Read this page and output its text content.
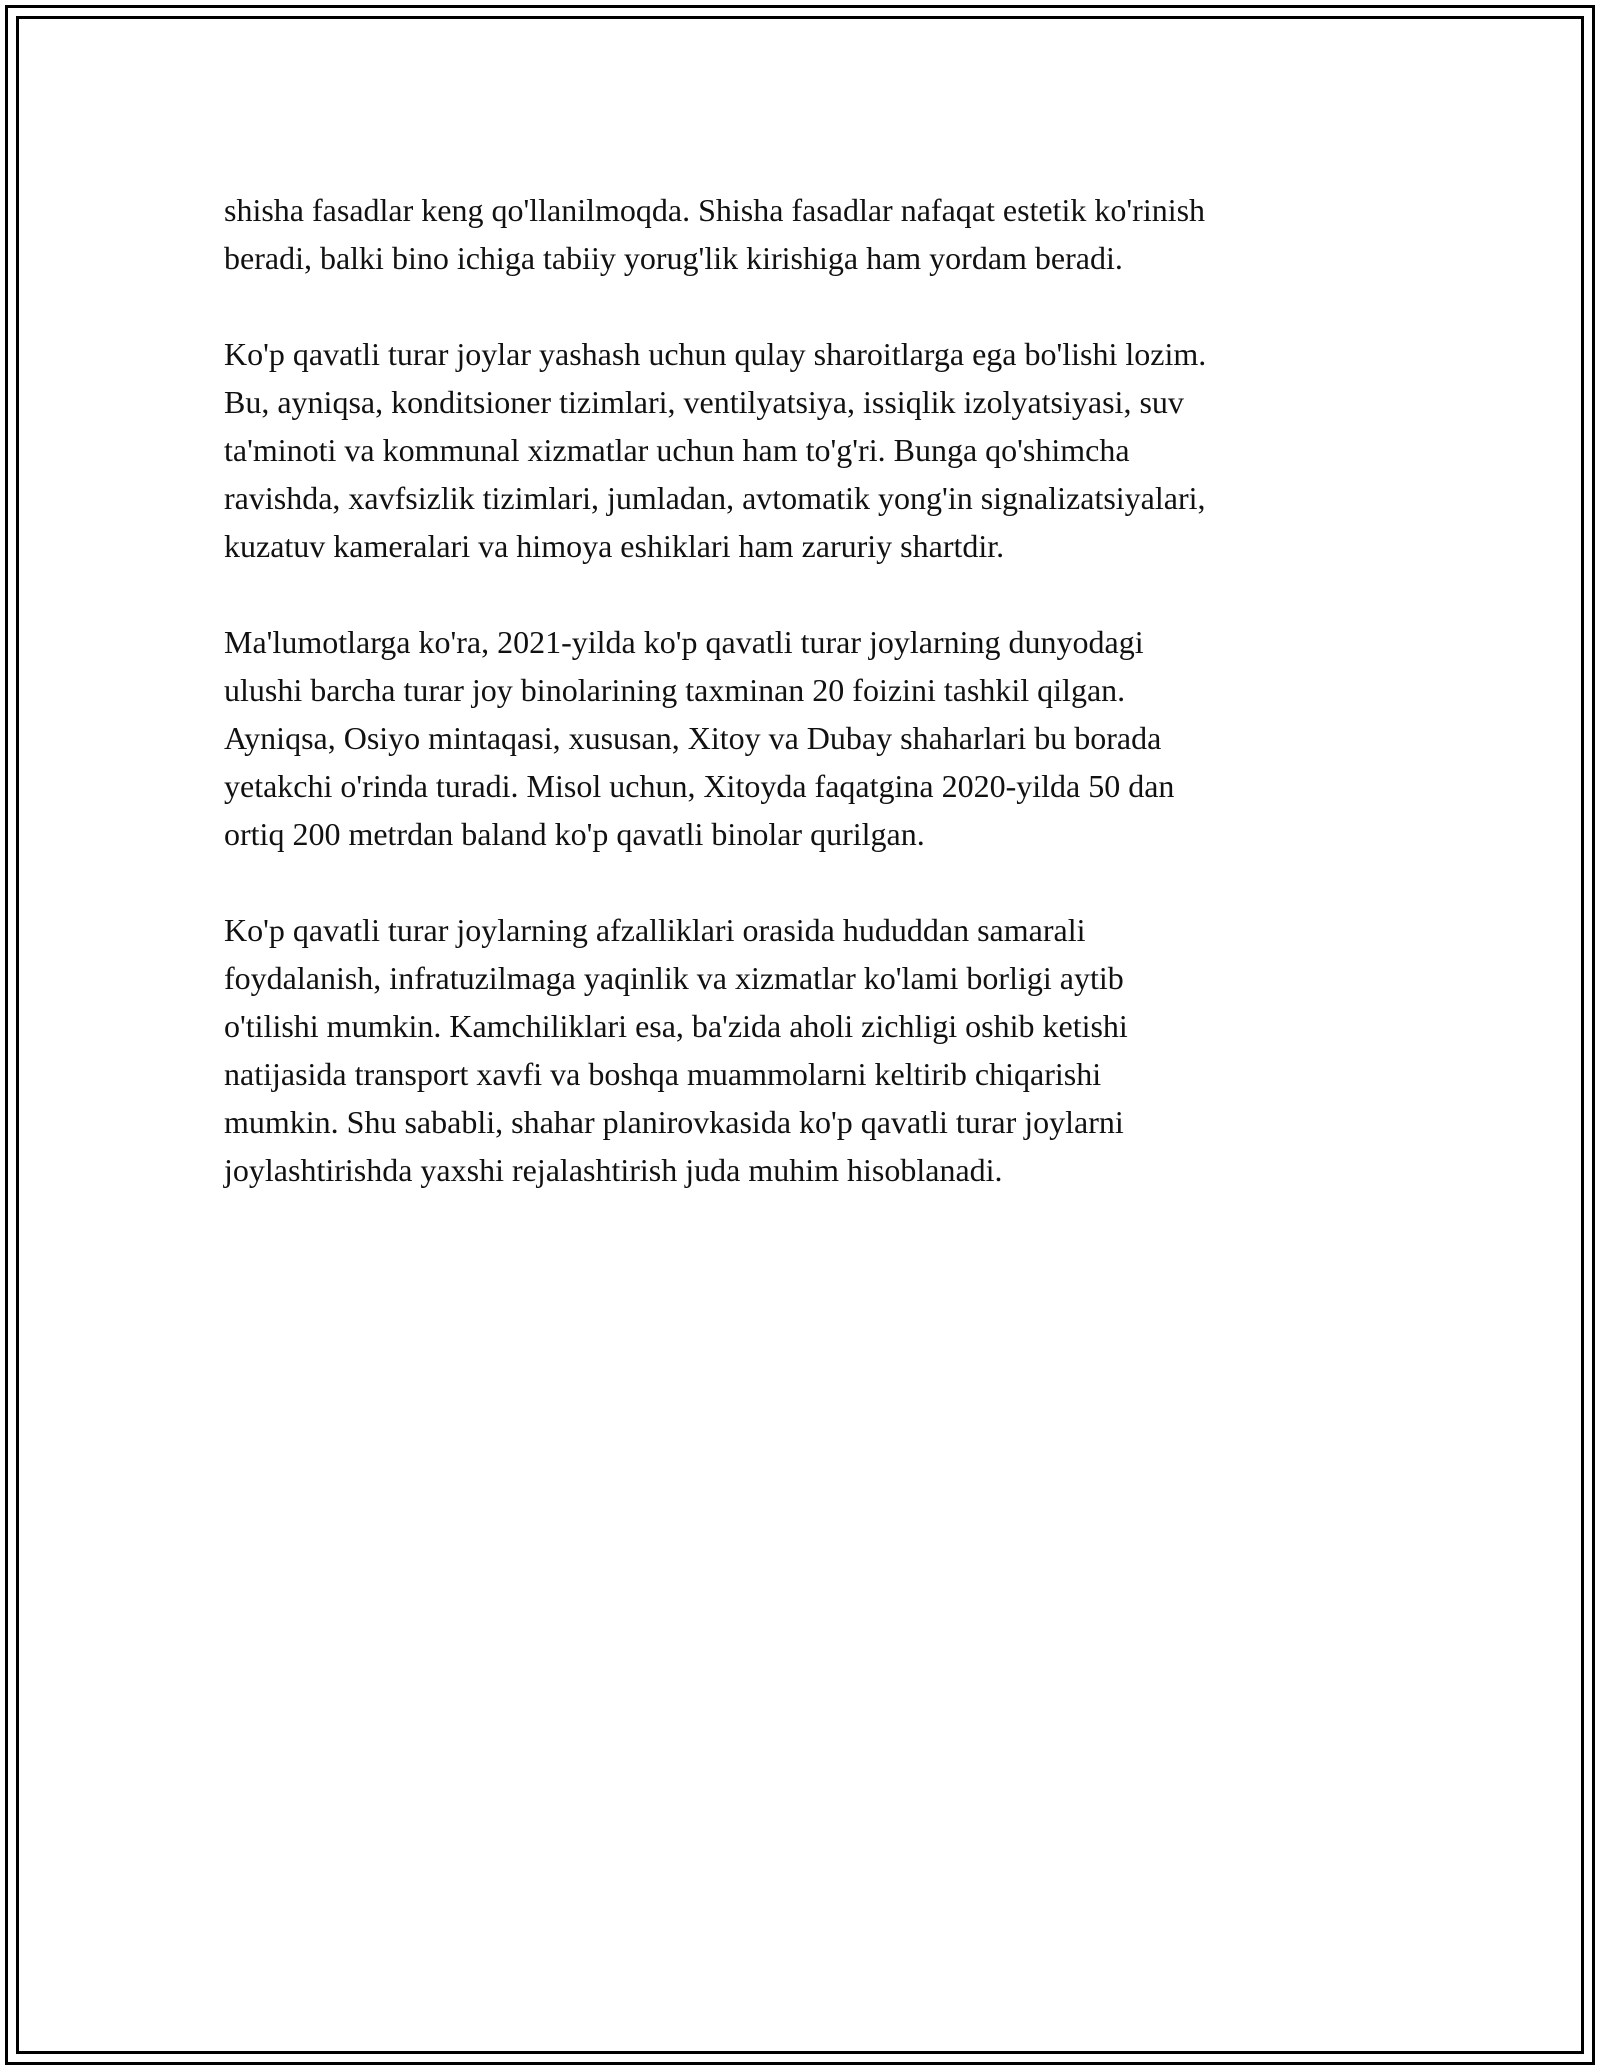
shisha fasadlar keng qo'llanilmoqda. Shisha fasadlar nafaqat estetik ko'rinish
beradi, balki bino ichiga tabiiy yorug'lik kirishiga ham yordam beradi.

Ko'p qavatli turar joylar yashash uchun qulay sharoitlarga ega bo'lishi lozim.
Bu, ayniqsa, konditsioner tizimlari, ventilyatsiya, issiqlik izolyatsiyasi, suv
ta'minoti va kommunal xizmatlar uchun ham to'g'ri. Bunga qo'shimcha
ravishda, xavfsizlik tizimlari, jumladan, avtomatik yong'in signalizatsiyalari,
kuzatuv kameralari va himoya eshiklari ham zaruriy shartdir.

Ma'lumotlarga ko'ra, 2021-yilda ko'p qavatli turar joylarning dunyodagi
ulushi barcha turar joy binolarining taxminan 20 foizini tashkil qilgan.
Ayniqsa, Osiyo mintaqasi, xususan, Xitoy va Dubay shaharlari bu borada
yetakchi o'rinda turadi. Misol uchun, Xitoyda faqatgina 2020-yilda 50 dan
ortiq 200 metrdan baland ko'p qavatli binolar qurilgan.

Ko'p qavatli turar joylarning afzalliklari orasida hududdan samarali
foydalanish, infratuzilmaga yaqinlik va xizmatlar ko'lami borligi aytib
o'tilishi mumkin. Kamchiliklari esa, ba'zida aholi zichligi oshib ketishi
natijasida transport xavfi va boshqa muammolarni keltirib chiqarishi
mumkin. Shu sababli, shahar planirovkasida ko'p qavatli turar joylarni
joylashtirishda yaxshi rejalashtirish juda muhim hisoblanadi.
